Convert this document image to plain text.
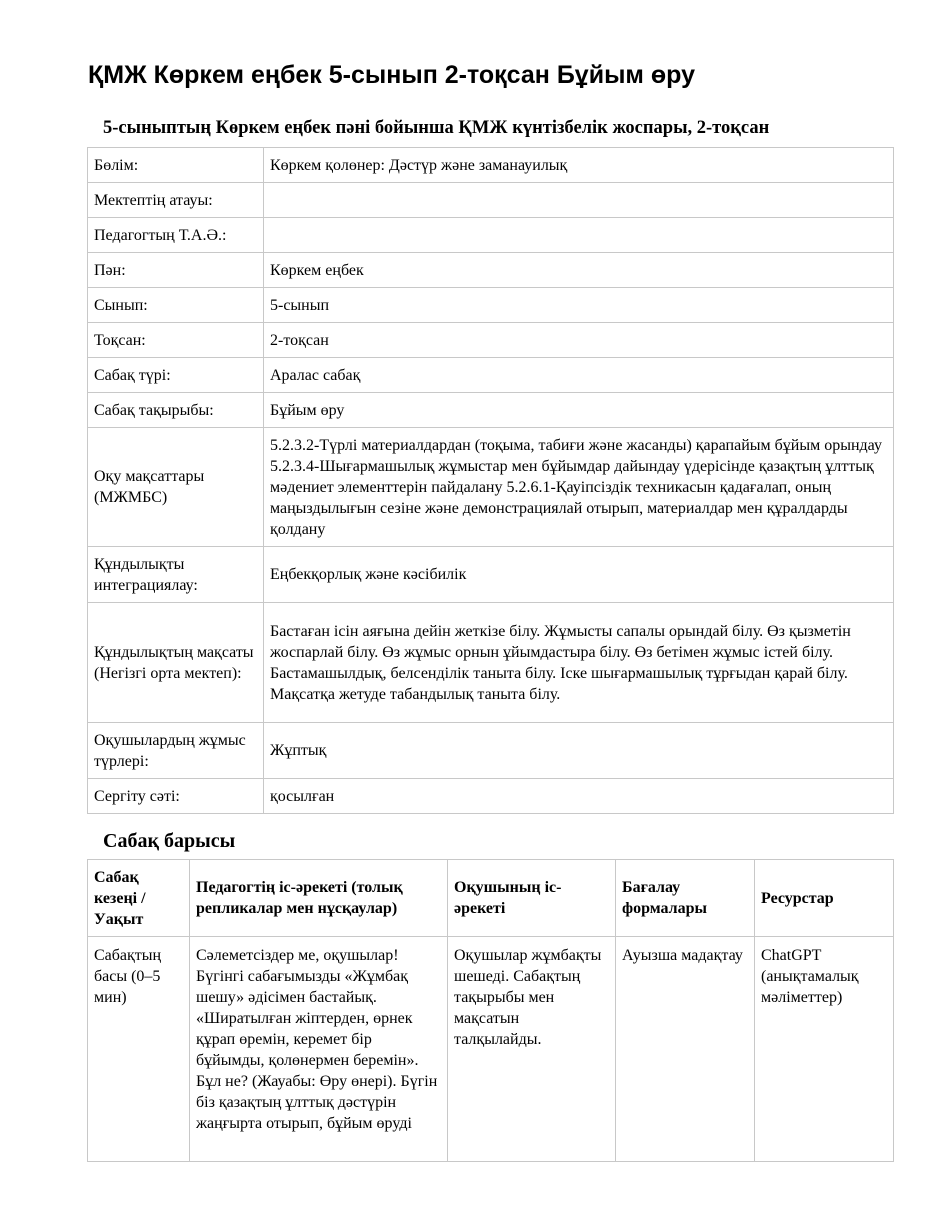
ҚМЖ Көркем еңбек 5-сынып 2-тоқсан Бұйым өру
5-сыныптың Көркем еңбек пәні бойынша ҚМЖ күнтізбелік жоспары, 2-тоқсан
Бөлім:	Көркем қолөнер: Дәстүр және заманауилық
Мектептің атауы:	
Педагогтың Т.А.Ә.:	
Пән:	Көркем еңбек
Сынып:	5-сынып
Тоқсан:	2-тоқсан
Сабақ түрі:	Аралас сабақ
Сабақ тақырыбы:	Бұйым өру
Оқу мақсаттары (МЖМБС)	5.2.3.2-Түрлі материалдардан (тоқыма, табиғи және жасанды) қарапайым бұйым орындау 5.2.3.4-Шығармашылық жұмыстар мен бұйымдар дайындау үдерісінде қазақтың ұлттық мәдениет элементтерін пайдалану 5.2.6.1-Қауіпсіздік техникасын қадағалап, оның маңыздылығын сезіне және демонстрациялай отырып, материалдар мен құралдарды қолдану
Құндылықты интеграциялау:	Еңбекқорлық және кәсібилік
Құндылықтың мақсаты (Негізгі орта мектеп):	Бастаған ісін аяғына дейін жеткізе білу. Жұмысты сапалы орындай білу. Өз қызметін жоспарлай білу. Өз жұмыс орнын ұйымдастыра білу. Өз бетімен жұмыс істей білу. Бастамашылдық, белсенділік таныта білу. Іске шығармашылық тұрғыдан қарай білу. Мақсатқа жетуде табандылық таныта білу.
Оқушылардың жұмыс түрлері:	Жұптық
Сергіту сәті:	қосылған
Сабақ барысы
Сабақ кезеңі / Уақыт	Педагогтің іс-әрекеті (толық репликалар мен нұсқаулар)	Оқушының іс-әрекеті	Бағалау формалары	Ресурстар
Сабақтың басы (0–5 мин)	Сәлеметсіздер ме, оқушылар! Бүгінгі сабағымызды «Жұмбақ шешу» әдісімен бастайық. «Ширатылған жіптерден, өрнек құрап өремін, керемет бір бұйымды, қолөнермен беремін». Бұл не? (Жауабы: Өру өнері). Бүгін біз қазақтың ұлттық дәстүрін жаңғырта отырып, бұйым өруді	Оқушылар жұмбақты шешеді. Сабақтың тақырыбы мен мақсатын талқылайды.	Ауызша мадақтау	ChatGPT (анықтамалық мәліметтер)
